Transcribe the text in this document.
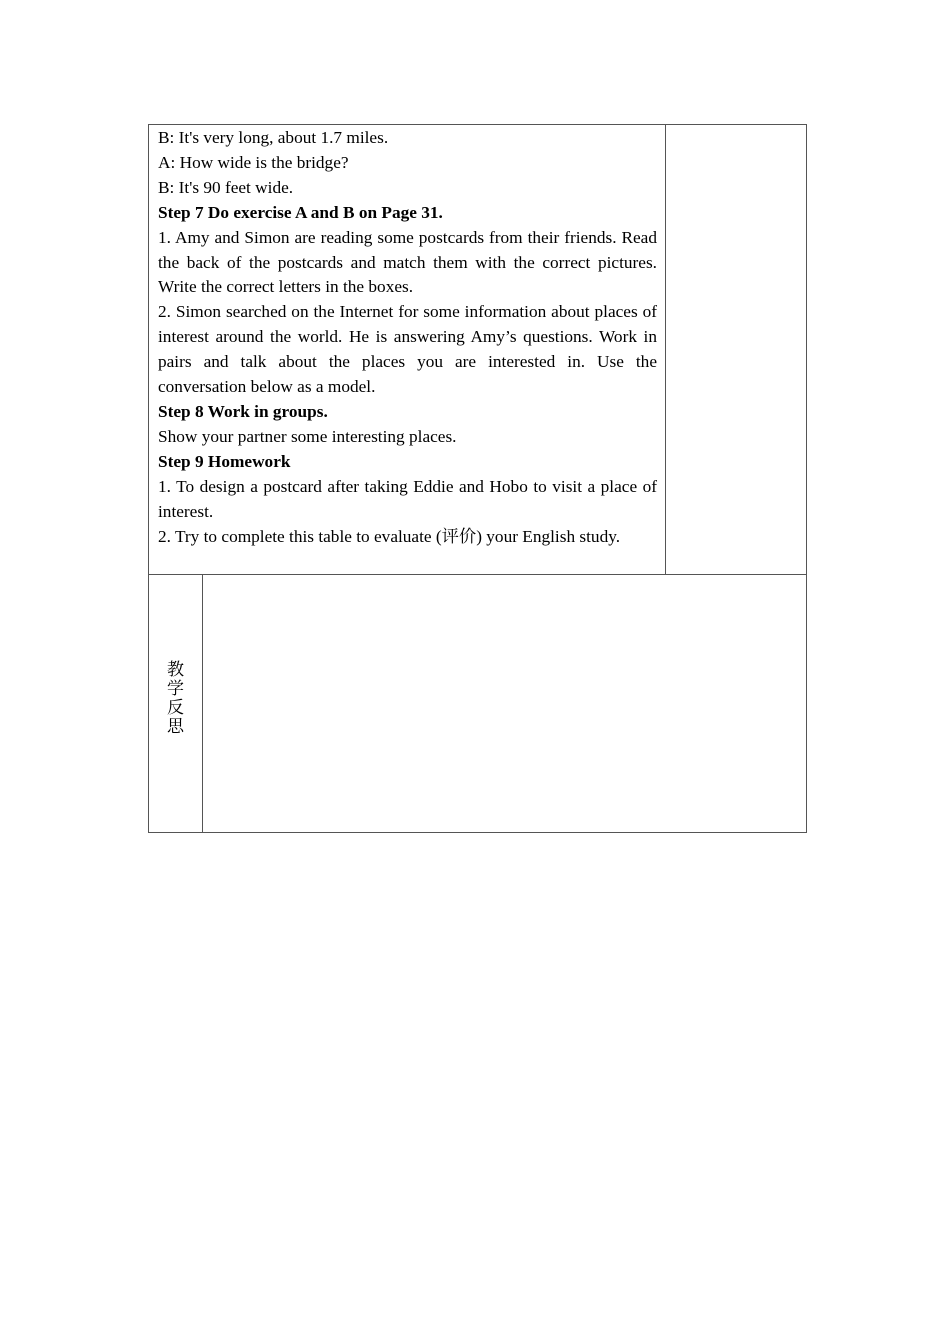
B: It's very long, about 1.7 miles.

A: How wide is the bridge?

B: It's 90 feet wide.

Step 7 Do exercise A and B on Page 31.

1. Amy and Simon are reading some postcards from their friends. Read the back of the postcards and match them with the correct pictures. Write the correct letters in the boxes.

2. Simon searched on the Internet for some information about places of interest around the world. He is answering Amy’s questions. Work in pairs and talk about the places you are interested in. Use the conversation below as a model.

Step 8 Work in groups.

Show your partner some interesting places.

Step 9 Homework

1. To design a postcard after taking Eddie and Hobo to visit a place of interest.

2. Try to complete this table to evaluate (评价) your English study.

教学反思
